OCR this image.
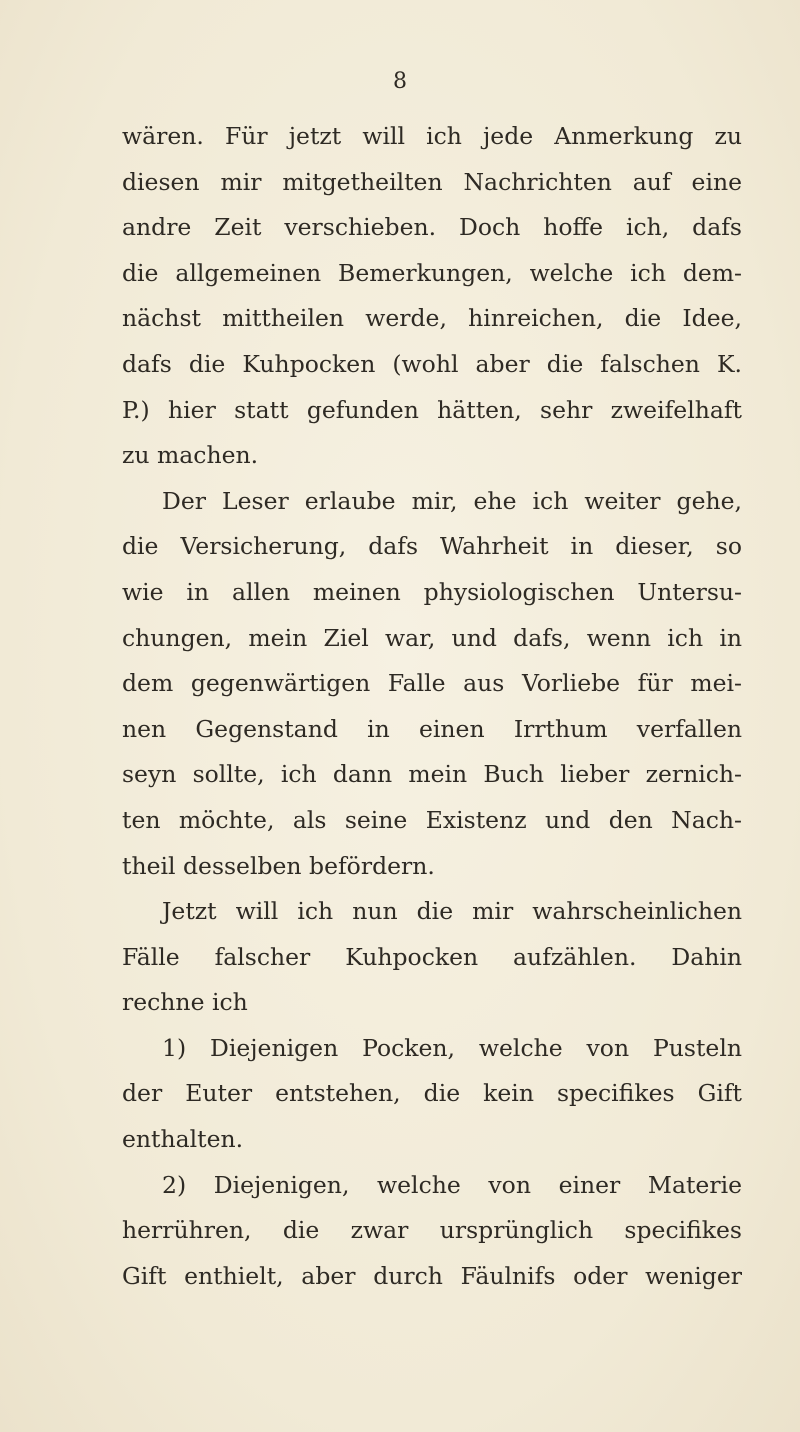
8
wären. Für jetzt will ich jede Anmerkung zu
diesen mir mitgetheilten Nachrichten auf eine
andre Zeit verschieben. Doch hoffe ich, dafs
die allgemeinen Bemerkungen, welche ich dem-
nächst mittheilen werde, hinreichen, die Idee,
dafs die Kuhpocken (wohl aber die falschen K.
P.) hier statt gefunden hätten, sehr zweifelhaft
zu machen.
Der Leser erlaube mir, ehe ich weiter gehe,
die Versicherung, dafs Wahrheit in dieser, so
wie in allen meinen physiologischen Untersu-
chungen, mein Ziel war, und dafs, wenn ich in
dem gegenwärtigen Falle aus Vorliebe für mei-
nen Gegenstand in einen Irrthum verfallen
seyn sollte, ich dann mein Buch lieber zernich-
ten möchte, als seine Existenz und den Nach-
theil desselben befördern.
Jetzt will ich nun die mir wahrscheinlichen
Fälle falscher Kuhpocken aufzählen. Dahin
rechne ich
1) Diejenigen Pocken, welche von Pusteln
der Euter entstehen, die kein specifikes Gift
enthalten.
2) Diejenigen, welche von einer Materie
herrühren, die zwar ursprünglich specifikes
Gift enthielt, aber durch Fäulnifs oder weniger
